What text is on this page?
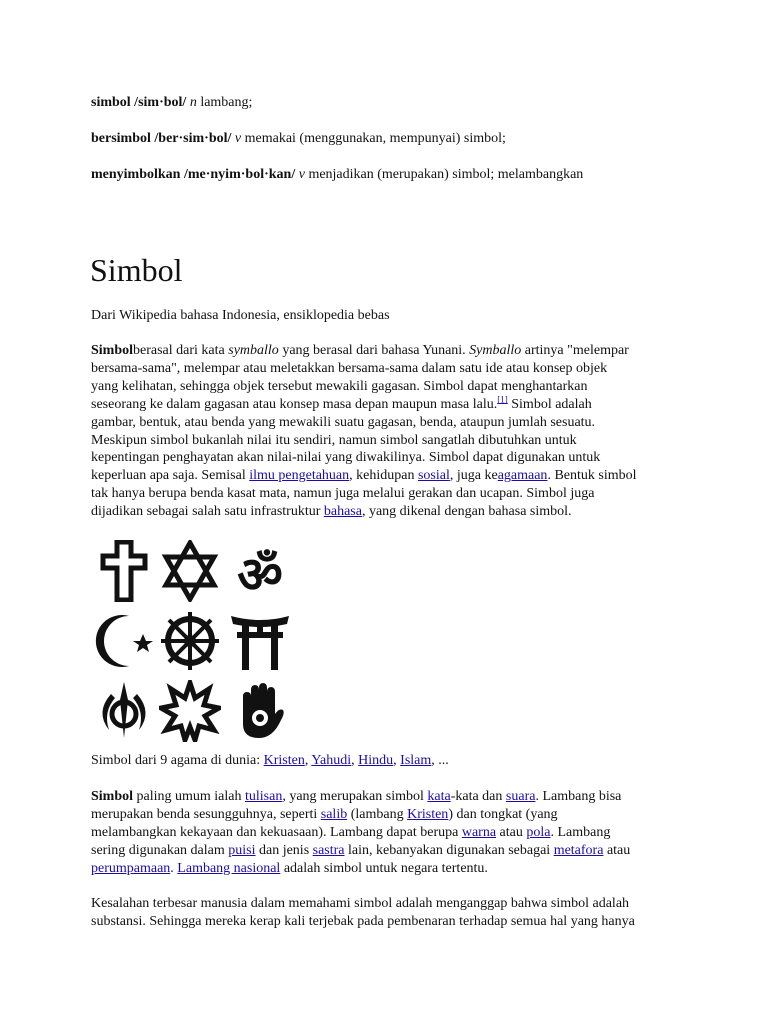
simbol /sim·bol/ n lambang;
bersimbol /ber·sim·bol/ v memakai (menggunakan, mempunyai) simbol;
menyimbolkan /me·nyim·bol·kan/ v menjadikan (merupakan) simbol; melambangkan
Simbol
Dari Wikipedia bahasa Indonesia, ensiklopedia bebas

Simbolberasal dari kata symballo yang berasal dari bahasa Yunani. Symballo artinya "melempar

bersama-sama", melempar atau meletakkan bersama-sama dalam satu ide atau konsep objek

yang kelihatan, sehingga objek tersebut mewakili gagasan. Simbol dapat menghantarkan

seseorang ke dalam gagasan atau konsep masa depan maupun masa lalu.[1] Simbol adalah

gambar, bentuk, atau benda yang mewakili suatu gagasan, benda, ataupun jumlah sesuatu.

Meskipun simbol bukanlah nilai itu sendiri, namun simbol sangatlah dibutuhkan untuk

kepentingan penghayatan akan nilai-nilai yang diwakilinya. Simbol dapat digunakan untuk

keperluan apa saja. Semisal ilmu pengetahuan, kehidupan sosial, juga keagamaan. Bentuk simbol

tak hanya berupa benda kasat mata, namun juga melalui gerakan dan ucapan. Simbol juga

dijadikan sebagai salah satu infrastruktur bahasa, yang dikenal dengan bahasa simbol.

ॐ
Simbol dari 9 agama di dunia: Kristen, Yahudi, Hindu, Islam, ...

Simbol paling umum ialah tulisan, yang merupakan simbol kata-kata dan suara. Lambang bisa

merupakan benda sesungguhnya, seperti salib (lambang Kristen) dan tongkat (yang

melambangkan kekayaan dan kekuasaan). Lambang dapat berupa warna atau pola. Lambang

sering digunakan dalam puisi dan jenis sastra lain, kebanyakan digunakan sebagai metafora atau

perumpamaan. Lambang nasional adalah simbol untuk negara tertentu.

Kesalahan terbesar manusia dalam memahami simbol adalah menganggap bahwa simbol adalah

substansi. Sehingga mereka kerap kali terjebak pada pembenaran terhadap semua hal yang hanya
